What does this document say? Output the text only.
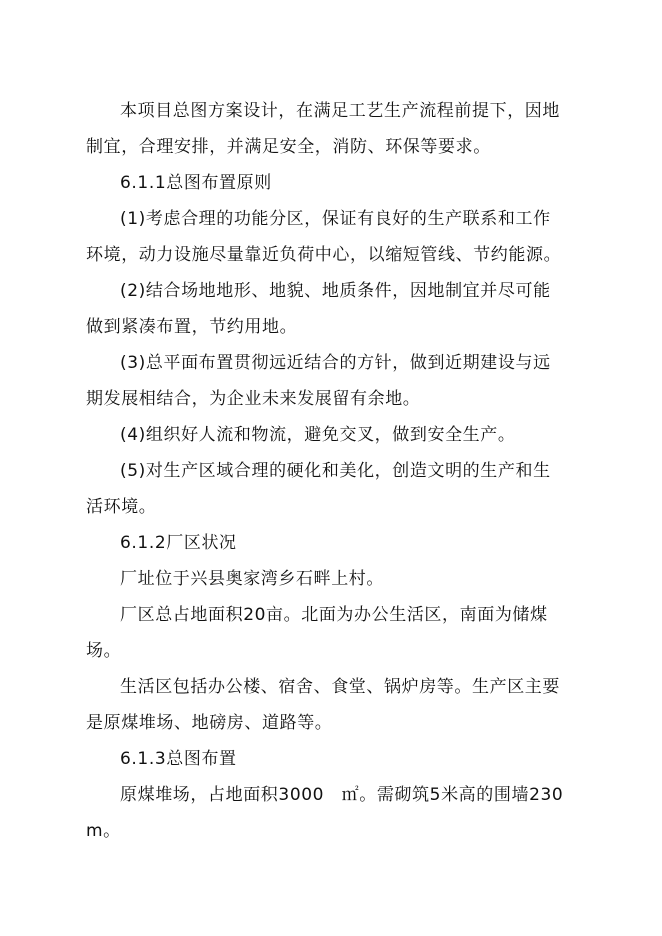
本项目总图方案设计，在满足工艺生产流程前提下，因地
制宜，合理安排，并满足安全，消防、环保等要求。
6.1.1总图布置原则
(1)考虑合理的功能分区，保证有良好的生产联系和工作
环境，动力设施尽量靠近负荷中心，以缩短管线、节约能源。
(2)结合场地地形、地貌、地质条件，因地制宜并尽可能
做到紧凑布置，节约用地。
(3)总平面布置贯彻远近结合的方针，做到近期建设与远
期发展相结合，为企业未来发展留有余地。
(4)组织好人流和物流，避免交叉，做到安全生产。
(5)对生产区域合理的硬化和美化，创造文明的生产和生
活环境。
6.1.2厂区状况
厂址位于兴县奥家湾乡石畔上村。
厂区总占地面积20亩。北面为办公生活区，南面为储煤
场。
生活区包括办公楼、宿舍、食堂、锅炉房等。生产区主要
是原煤堆场、地磅房、道路等。
6.1.3总图布置
原煤堆场，占地面积3000　㎡。需砌筑5米高的围墙230
m。
